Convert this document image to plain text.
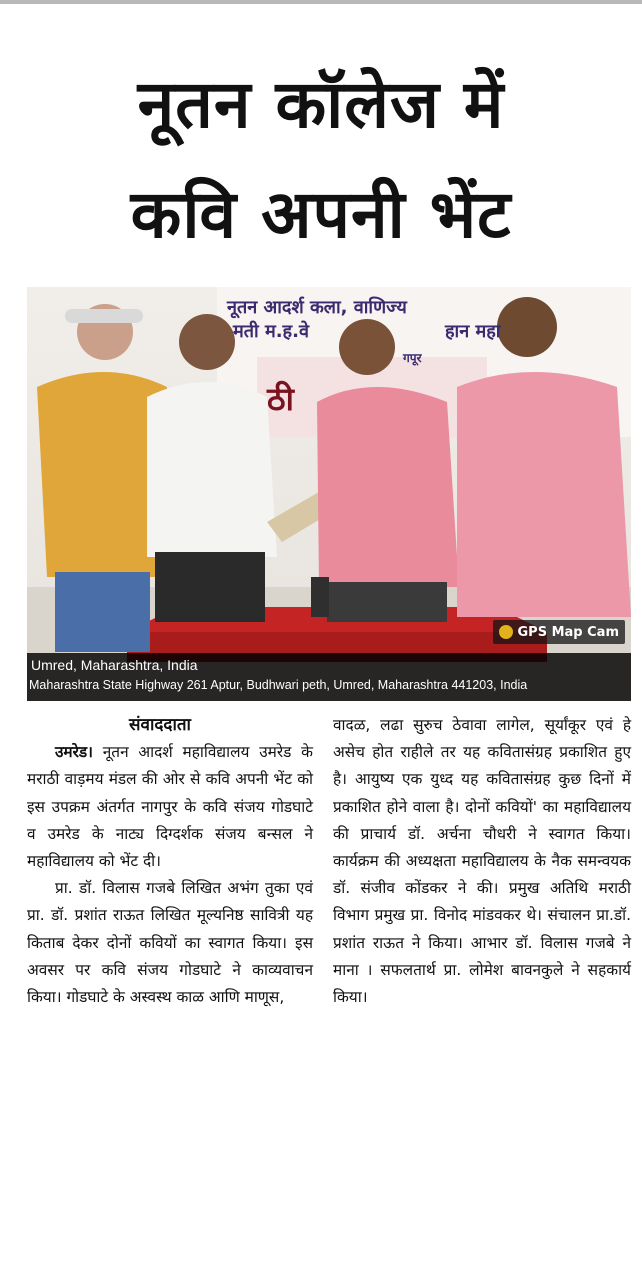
नूतन कॉलेज में
कवि अपनी भेंट
नूतन आदर्श कला, वाणिज्य
मती म.ह.वे	हान महा
ठी
गपूर
GPS Map Cam
Umred, Maharashtra, India
Maharashtra State Highway 261 Aptur, Budhwari peth, Umred, Maharashtra 441203, India
संवाददाता

उमरेड। नूतन आदर्श महाविद्यालय उमरेड के मराठी वाड़मय मंडल की ओर से कवि अपनी भेंट को इस उपक्रम अंतर्गत नागपुर के कवि संजय गोडघाटे व उमरेड के नाट्य दिग्दर्शक संजय बन्सल ने महाविद्यालय को भेंट दी।

प्रा. डॉ. विलास गजबे लिखित अभंग तुका एवं प्रा. डॉ. प्रशांत राऊत लिखित मूल्यनिष्ठ सावित्री यह किताब देकर दोनों कवियों का स्वागत किया। इस अवसर पर कवि संजय गोडघाटे ने काव्यवाचन किया। गोडघाटे के अस्वस्थ काळ आणि माणूस,

वादळ, लढा सुरुच ठेवावा लागेल, सूर्यांकूर एवं हे असेच होत राहीले तर यह कवितासंग्रह प्रकाशित हुए है। आयुष्य एक युध्द यह कवितासंग्रह कुछ दिनों में प्रकाशित होने वाला है। दोनों कवियों' का महाविद्यालय की प्राचार्य डॉ. अर्चना चौधरी ने स्वागत किया। कार्यक्रम की अध्यक्षता महाविद्यालय के नैक समन्वयक डॉ. संजीव कोंडकर ने की। प्रमुख अतिथि मराठी विभाग प्रमुख प्रा. विनोद मांडवकर थे। संचालन प्रा.डॉ. प्रशांत राऊत ने किया। आभार डॉ. विलास गजबे ने माना । सफलतार्थ प्रा. लोमेश बावनकुले ने सहकार्य किया।
